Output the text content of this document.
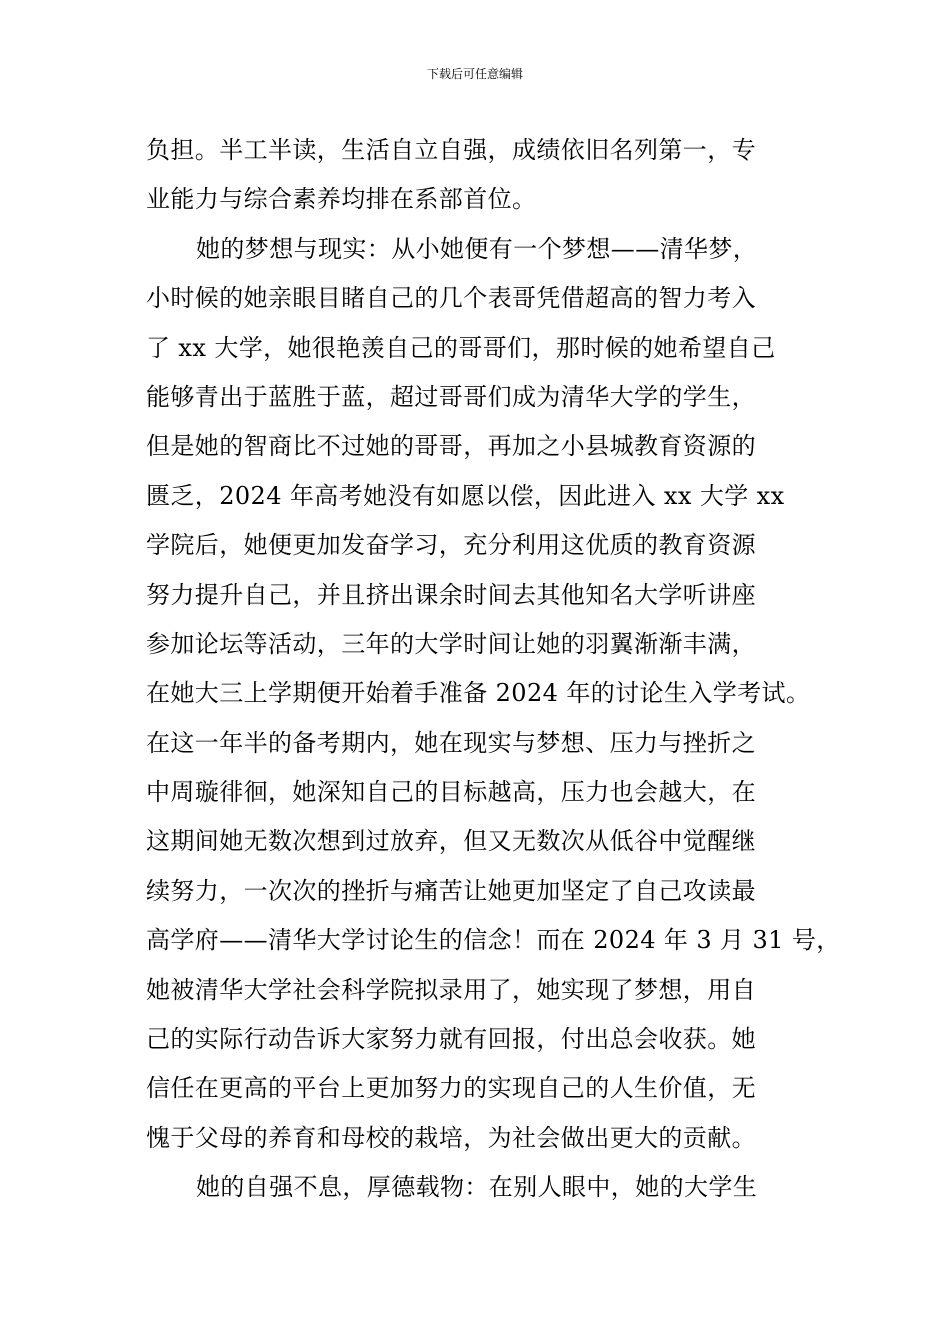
下载后可任意编辑
负担。半工半读，生活自立自强，成绩依旧名列第一，专
业能力与综合素养均排在系部首位。
她的梦想与现实：从小她便有一个梦想——清华梦，
小时候的她亲眼目睹自己的几个表哥凭借超高的智力考入
了 xx 大学，她很艳羡自己的哥哥们，那时候的她希望自己
能够青出于蓝胜于蓝，超过哥哥们成为清华大学的学生，
但是她的智商比不过她的哥哥，再加之小县城教育资源的
匮乏，2024 年高考她没有如愿以偿，因此进入 xx 大学 xx
学院后，她便更加发奋学习，充分利用这优质的教育资源
努力提升自己，并且挤出课余时间去其他知名大学听讲座
参加论坛等活动，三年的大学时间让她的羽翼渐渐丰满，
在她大三上学期便开始着手准备 2024 年的讨论生入学考试。
在这一年半的备考期内，她在现实与梦想、压力与挫折之
中周璇徘徊，她深知自己的目标越高，压力也会越大，在
这期间她无数次想到过放弃，但又无数次从低谷中觉醒继
续努力，一次次的挫折与痛苦让她更加坚定了自己攻读最
高学府——清华大学讨论生的信念！而在 2024 年 3 月 31 号，
她被清华大学社会科学院拟录用了，她实现了梦想，用自
己的实际行动告诉大家努力就有回报，付出总会收获。她
信任在更高的平台上更加努力的实现自己的人生价值，无
愧于父母的养育和母校的栽培，为社会做出更大的贡献。
她的自强不息，厚德载物：在别人眼中，她的大学生
